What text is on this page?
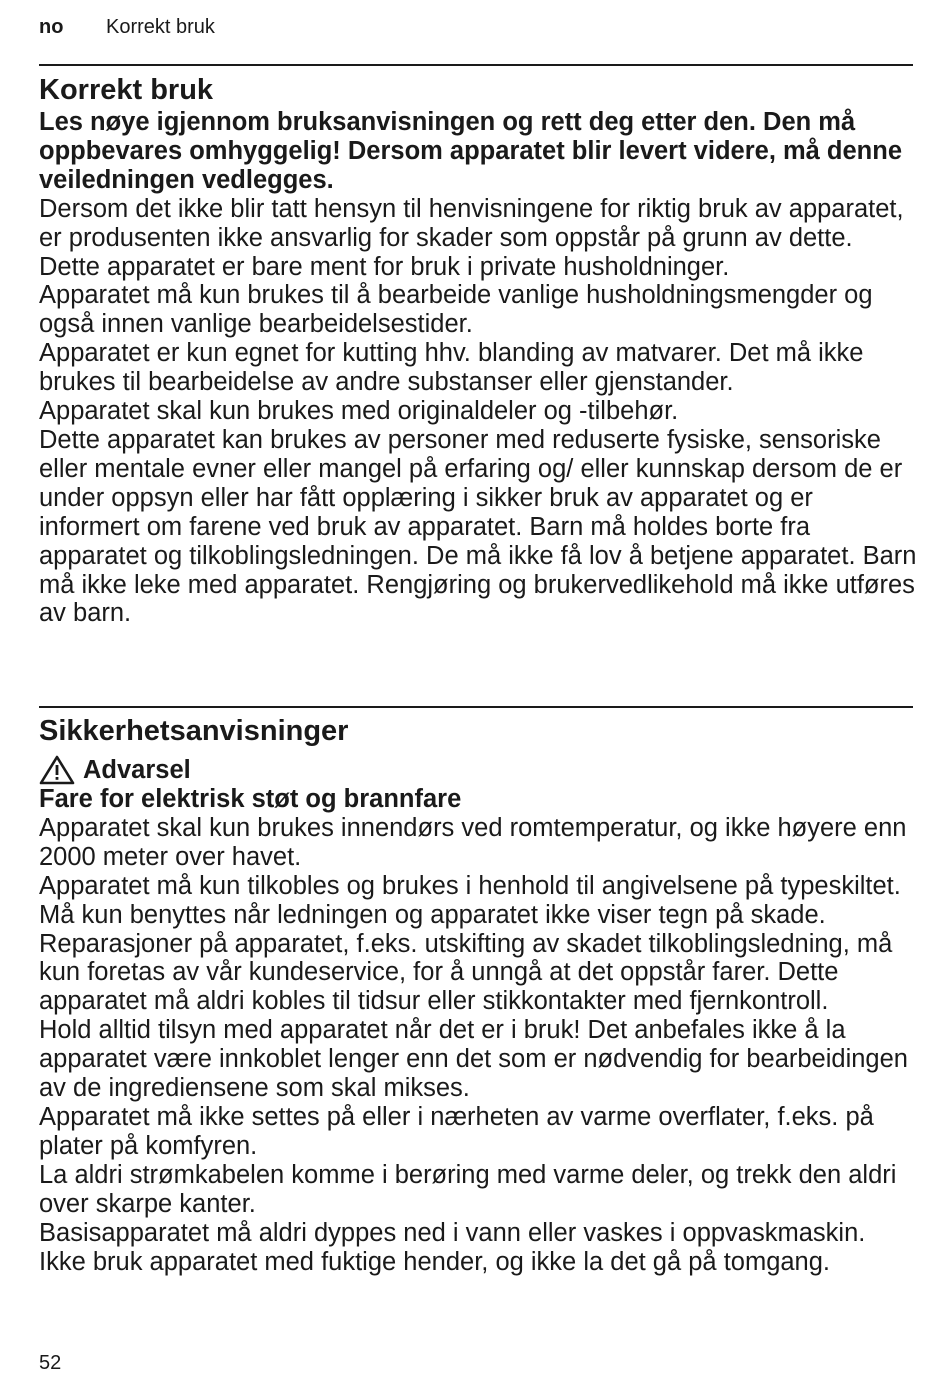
no Korrekt bruk
Korrekt bruk

Les nøye igjennom bruksanvisningen og rett deg etter den. Den må oppbevares omhyggelig! Dersom apparatet blir levert videre, må denne veiledningen vedlegges.

Dersom det ikke blir tatt hensyn til henvisningene for riktig bruk av apparatet, er produsenten ikke ansvarlig for skader som oppstår på grunn av dette.

Dette apparatet er bare ment for bruk i private husholdninger.

Apparatet må kun brukes til å bearbeide vanlige husholdningsmengder og også innen vanlige bearbeidelsestider.

Apparatet er kun egnet for kutting hhv. blanding av matvarer. Det må ikke brukes til bearbeidelse av andre substanser eller gjenstander.

Apparatet skal kun brukes med originaldeler og -tilbehør.

Dette apparatet kan brukes av personer med reduserte fysiske, sensoriske eller mentale evner eller mangel på erfaring og/ eller kunnskap dersom de er under oppsyn eller har fått opplæring i sikker bruk av apparatet og er informert om farene ved bruk av apparatet. Barn må holdes borte fra apparatet og tilkoblingsledningen. De må ikke få lov å betjene apparatet. Barn må ikke leke med apparatet. Rengjøring og brukervedlikehold må ikke utføres av barn.

Sikkerhetsanvisninger
Advarsel

Fare for elektrisk støt og brannfare

Apparatet skal kun brukes innendørs ved romtemperatur, og ikke høyere enn 2000 meter over havet.

Apparatet må kun tilkobles og brukes i henhold til angivelsene på typeskiltet. Må kun benyttes når ledningen og apparatet ikke viser tegn på skade. Reparasjoner på apparatet, f.eks. utskifting av skadet tilkoblingsledning, må kun foretas av vår kundeservice, for å unngå at det oppstår farer. Dette apparatet må aldri kobles til tidsur eller stikkontakter med fjernkontroll.

Hold alltid tilsyn med apparatet når det er i bruk! Det anbefales ikke å la apparatet være innkoblet lenger enn det som er nødvendig for bearbeidingen av de ingrediensene som skal mikses.

Apparatet må ikke settes på eller i nærheten av varme overflater, f.eks. på plater på komfyren.

La aldri strømkabelen komme i berøring med varme deler, og trekk den aldri over skarpe kanter.

Basisapparatet må aldri dyppes ned i vann eller vaskes i oppvaskmaskin. Ikke bruk apparatet med fuktige hender, og ikke la det gå på tomgang.

52
